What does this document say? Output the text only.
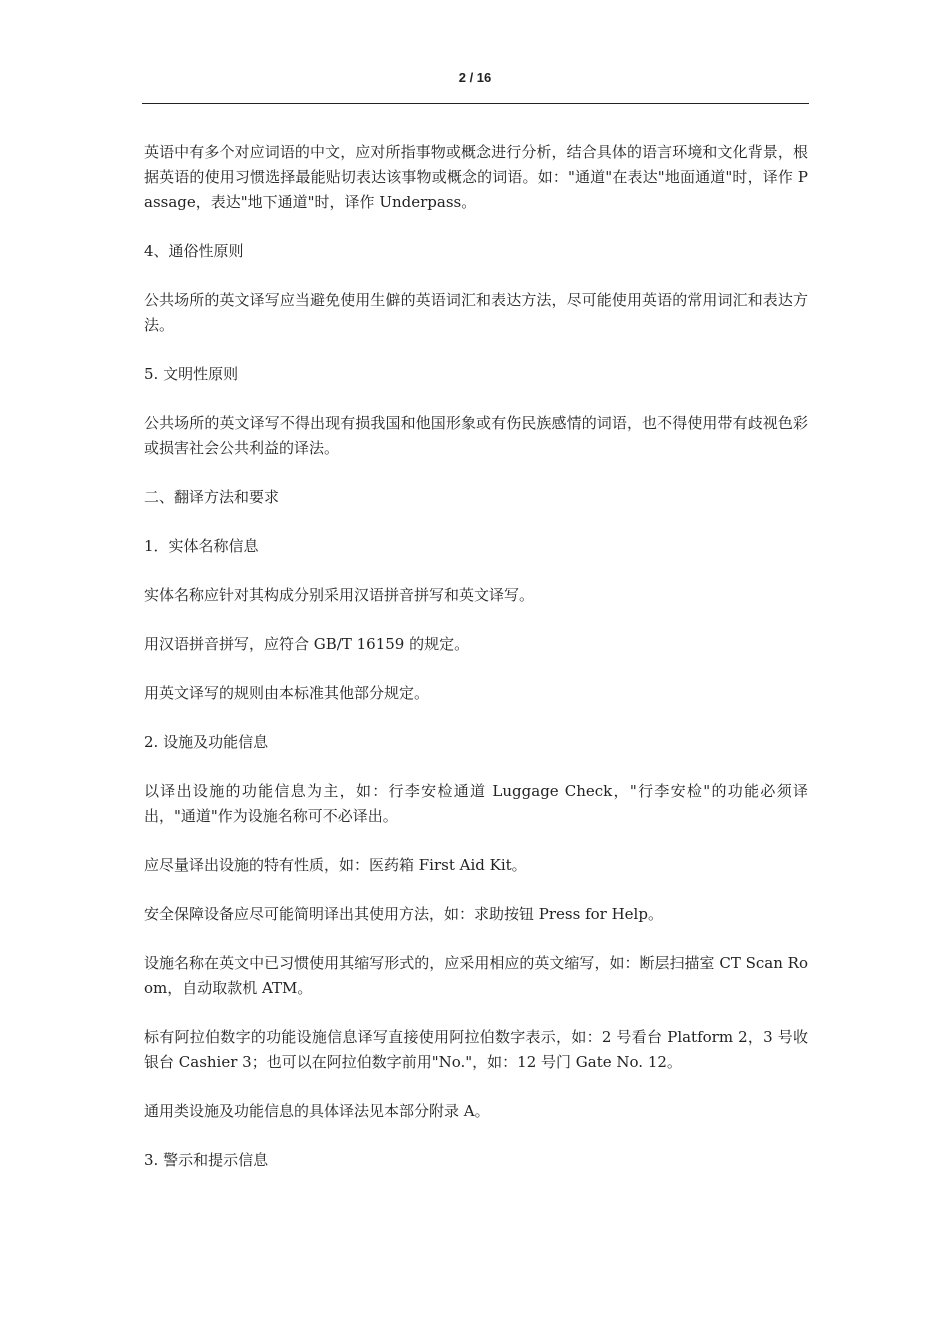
2 / 16

英语中有多个对应词语的中文，应对所指事物或概念进行分析，结合具体的语言环境和文化背景，根据英语的使用习惯选择最能贴切表达该事物或概念的词语。如："通道"在表达"地面通道"时，译作 Passage，表达"地下通道"时，译作 Underpass。

4、通俗性原则

公共场所的英文译写应当避免使用生僻的英语词汇和表达方法，尽可能使用英语的常用词汇和表达方法。

5. 文明性原则

公共场所的英文译写不得出现有损我国和他国形象或有伤民族感情的词语，也不得使用带有歧视色彩或损害社会公共利益的译法。

二、翻译方法和要求

1．实体名称信息

实体名称应针对其构成分别采用汉语拼音拼写和英文译写。

用汉语拼音拼写，应符合 GB/T 16159 的规定。

用英文译写的规则由本标准其他部分规定。

2. 设施及功能信息

以译出设施的功能信息为主，如：行李安检通道 Luggage Check，"行李安检"的功能必须译出，"通道"作为设施名称可不必译出。

应尽量译出设施的特有性质，如：医药箱 First Aid Kit。

安全保障设备应尽可能简明译出其使用方法，如：求助按钮 Press for Help。

设施名称在英文中已习惯使用其缩写形式的，应采用相应的英文缩写，如：断层扫描室 CT Scan Room，自动取款机 ATM。

标有阿拉伯数字的功能设施信息译写直接使用阿拉伯数字表示，如：2 号看台 Platform 2，3 号收银台 Cashier 3；也可以在阿拉伯数字前用"No."，如：12 号门 Gate No. 12。

通用类设施及功能信息的具体译法见本部分附录 A。

3. 警示和提示信息
